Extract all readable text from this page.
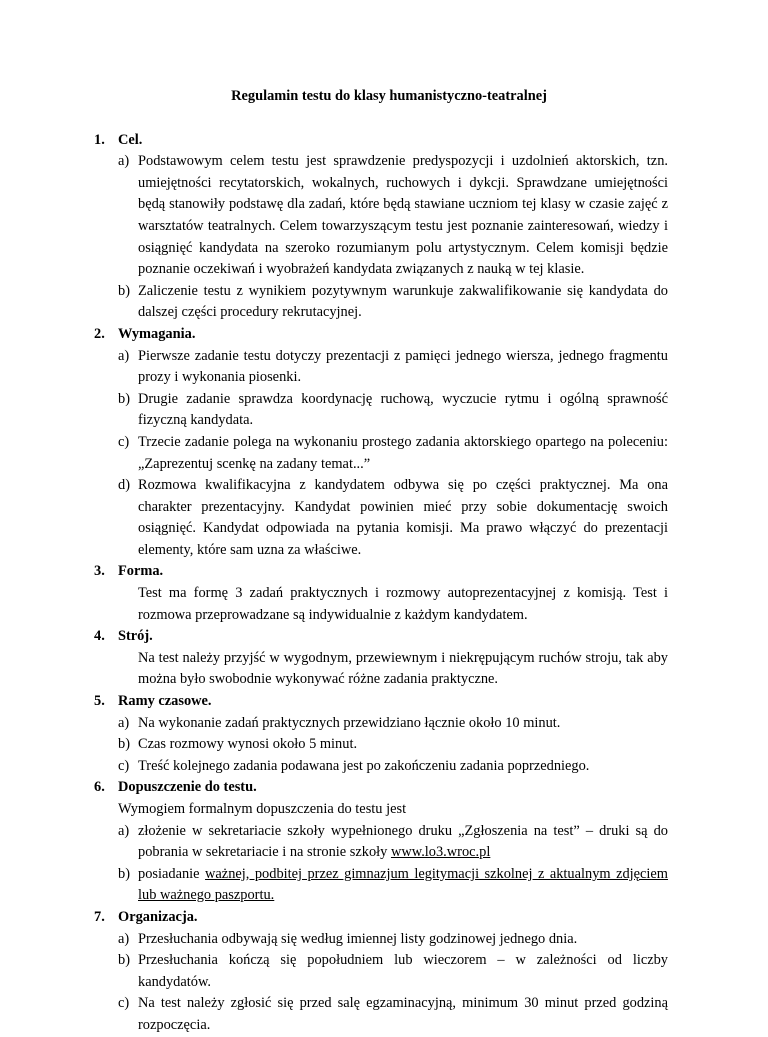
Regulamin testu do klasy humanistyczno-teatralnej
1. Cel.
a) Podstawowym celem testu jest sprawdzenie predyspozycji i uzdolnień aktorskich, tzn. umiejętności recytatorskich, wokalnych, ruchowych i dykcji. Sprawdzane umiejętności będą stanowiły podstawę dla zadań, które będą stawiane uczniom tej klasy w czasie zajęć z warsztatów teatralnych. Celem towarzyszącym testu jest poznanie zainteresowań, wiedzy i osiągnięć kandydata na szeroko rozumianym polu artystycznym. Celem komisji będzie poznanie oczekiwań i wyobrażeń kandydata związanych z nauką w tej klasie.
b) Zaliczenie testu z wynikiem pozytywnym warunkuje zakwalifikowanie się kandydata do dalszej części procedury rekrutacyjnej.
2. Wymagania.
a) Pierwsze zadanie testu dotyczy prezentacji z pamięci jednego wiersza, jednego fragmentu prozy i wykonania piosenki.
b) Drugie zadanie sprawdza koordynację ruchową, wyczucie rytmu i ogólną sprawność fizyczną kandydata.
c) Trzecie zadanie polega na wykonaniu prostego zadania aktorskiego opartego na poleceniu: „Zaprezentuj scenkę na zadany temat...”
d) Rozmowa kwalifikacyjna z kandydatem odbywa się po części praktycznej. Ma ona charakter prezentacyjny. Kandydat powinien mieć przy sobie dokumentację swoich osiągnięć. Kandydat odpowiada na pytania komisji. Ma prawo włączyć do prezentacji elementy, które sam uzna za właściwe.
3. Forma.
Test ma formę 3 zadań praktycznych i rozmowy autoprezentacyjnej z komisją. Test i rozmowa przeprowadzane są indywidualnie z każdym kandydatem.
4. Strój.
Na test należy przyjść w wygodnym, przewiewnym i niekrępującym ruchów stroju, tak aby można było swobodnie wykonywać różne zadania praktyczne.
5. Ramy czasowe.
a) Na wykonanie zadań praktycznych przewidziano łącznie około 10 minut.
b) Czas rozmowy wynosi około 5 minut.
c) Treść kolejnego zadania podawana jest po zakończeniu zadania poprzedniego.
6. Dopuszczenie do testu.
Wymogiem formalnym dopuszczenia do testu jest
a) złożenie w sekretariacie szkoły wypełnionego druku „Zgłoszenia na test” – druki są do pobrania w sekretariacie i na stronie szkoły www.lo3.wroc.pl
b) posiadanie ważnej, podbitej przez gimnazjum legitymacji szkolnej z aktualnym zdjęciem lub ważnego paszportu.
7. Organizacja.
a) Przesłuchania odbywają się według imiennej listy godzinowej jednego dnia.
b) Przesłuchania kończą się popołudniem lub wieczorem – w zależności od liczby kandydatów.
c) Na test należy zgłosić się przed salę egzaminacyjną, minimum 30 minut przed godziną rozpoczęcia.
